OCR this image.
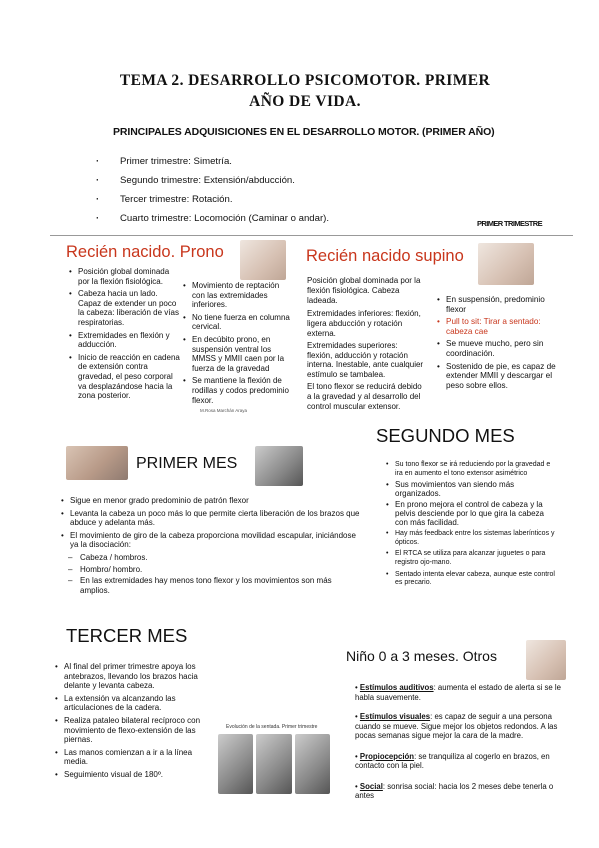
TEMA 2. DESARROLLO PSICOMOTOR. PRIMER
AÑO DE VIDA.
PRINCIPALES ADQUISICIONES EN EL DESARROLLO MOTOR. (PRIMER AÑO)
· Primer trimestre: Simetría.
· Segundo trimestre: Extensión/abducción.
· Tercer trimestre: Rotación.
· Cuarto trimestre: Locomoción (Caminar o andar).	PRIMER TRIMESTRE
Recién nacido. Prono
• Posición global dominada por la flexión fisiológica.
• Cabeza hacia un lado. Capaz de extender un poco la cabeza: liberación de vías respiratorias.
• Extremidades en flexión y adducción.
• Inicio de reacción en cadena de extensión contra gravedad, el peso corporal va desplazándose hacia la zona posterior.
• Movimiento de reptación con las extremidades inferiores.
• No tiene fuerza en columna cervical.
• En decúbito prono, en suspensión ventral los MMSS y MMII caen por la fuerza de la gravedad
• Se mantiene la flexión de rodillas y codos predominio flexor.
M.Rosa Marchán Araya
Recién nacido supino
Posición global dominada por la flexión fisiológica. Cabeza ladeada.
Extremidades inferiores: flexión, ligera abducción y rotación externa.
Extremidades superiores: flexión, adducción y rotación interna. Inestable, ante cualquier estímulo se tambalea.
El tono flexor se reducirá debido a la gravedad y al desarrollo del control muscular extensor.
• En suspensión, predominio flexor
• Pull to sit: Tirar a sentado: cabeza cae
• Se mueve mucho, pero sin coordinación.
• Sostenido de pie, es capaz de extender MMII y descargar el peso sobre ellos.
SEGUNDO MES
• Su tono flexor se irá reduciendo por la gravedad e ira en aumento el tono extensor asimétrico
• Sus movimientos van siendo más organizados.
• En prono mejora el control de cabeza y la pelvis desciende por lo que gira la cabeza con más facilidad.
• Hay más feedback entre los sistemas laberínticos y ópticos.
• El RTCA se utiliza para alcanzar juguetes o para registro ojo-mano.
• Sentado intenta elevar cabeza, aunque este control es precario.
PRIMER MES
• Sigue en menor grado predominio de patrón flexor
• Levanta la cabeza un poco más lo que permite cierta liberación de los brazos que abduce y adelanta más.
• El movimiento de giro de la cabeza proporciona movilidad escapular, iniciándose ya la disociación:
– Cabeza / hombros.
– Hombro/ hombro.
– En las extremidades hay menos tono flexor y los movimientos son más amplios.
TERCER MES
• Al final del primer trimestre apoya los antebrazos, llevando los brazos hacia delante y levanta cabeza.
• La extensión va alcanzando las articulaciones de la cadera.
• Realiza pataleo bilateral recíproco con movimiento de flexo-extensión de las piernas.
• Las manos comienzan a ir a la línea media.
• Seguimiento visual de 180º.
Evolución de la sentada. Primer trimestre
Niño 0 a 3 meses. Otros
• Estímulos auditivos: aumenta el estado de alerta si se le habla suavemente.
• Estímulos visuales: es capaz de seguir a una persona cuando se mueve. Sigue mejor los objetos redondos. A las pocas semanas sigue mejor la cara de la madre.
• Propiocepción: se tranquiliza al cogerlo en brazos, en contacto con la piel.
• Social: sonrisa social: hacia los 2 meses debe tenerla o antes
